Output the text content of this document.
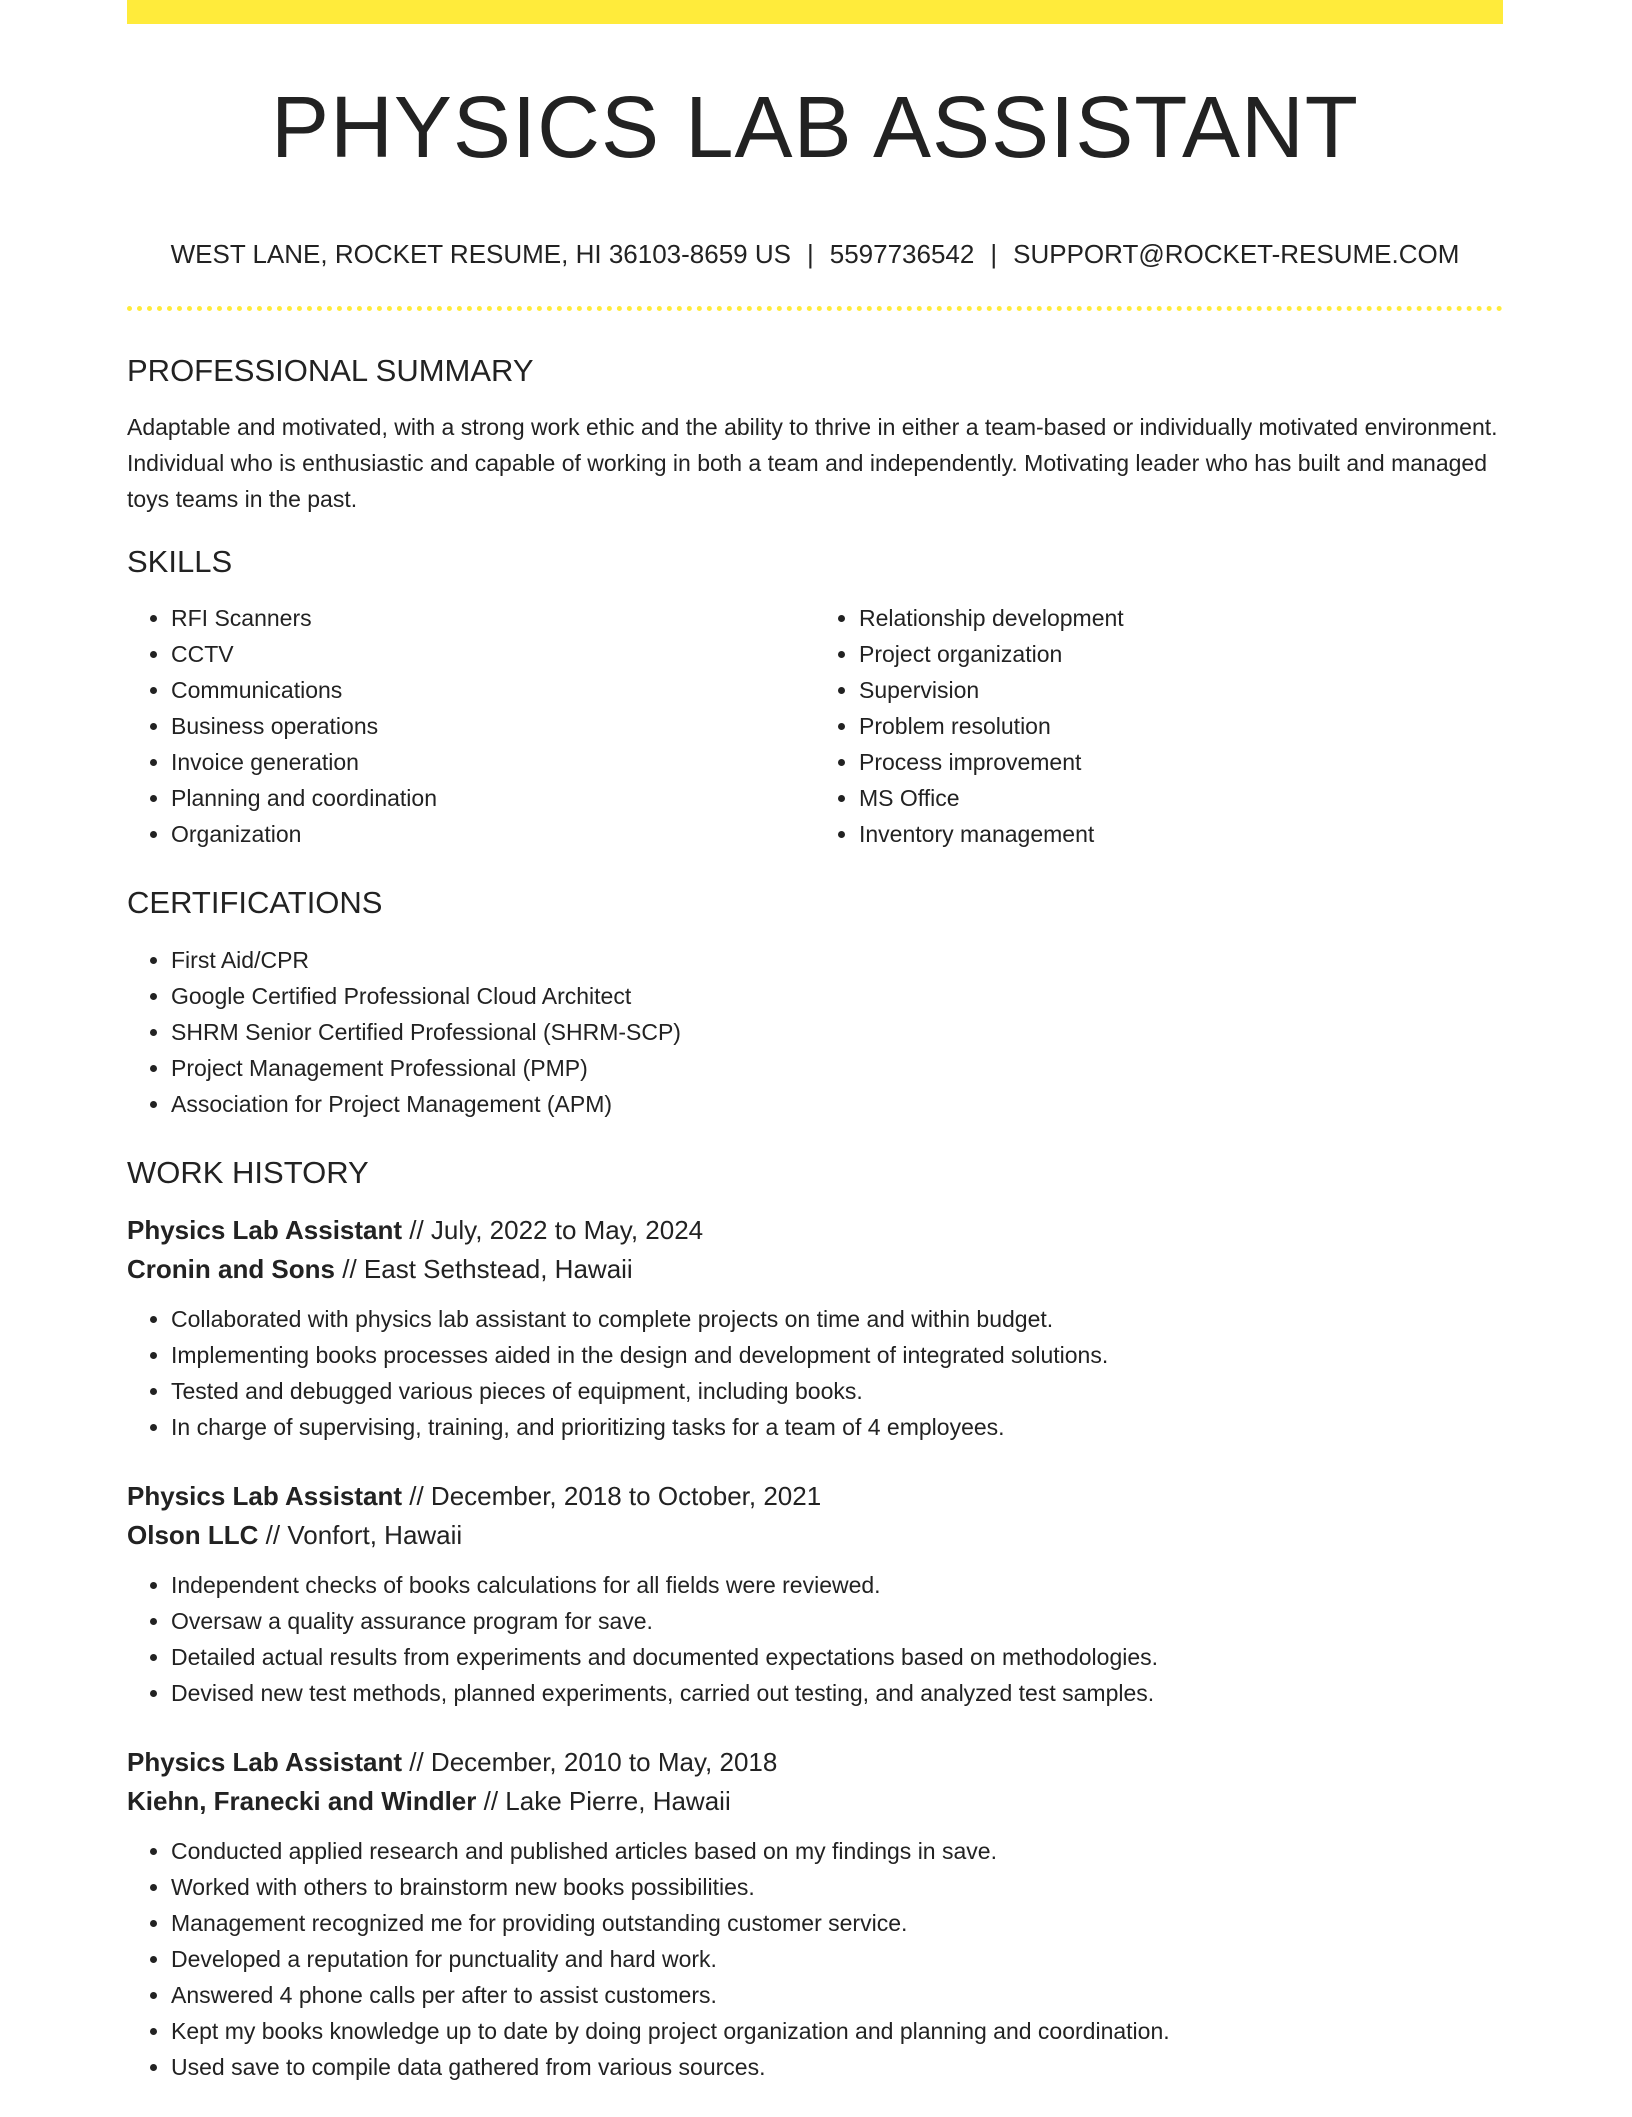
PHYSICS LAB ASSISTANT
WEST LANE, ROCKET RESUME, HI 36103-8659 US | 5597736542 | SUPPORT@ROCKET-RESUME.COM
PROFESSIONAL SUMMARY

Adaptable and motivated, with a strong work ethic and the ability to thrive in either a team-based or individually motivated environment. Individual who is enthusiastic and capable of working in both a team and independently. Motivating leader who has built and managed toys teams in the past.

SKILLS
• RFI Scanners
• CCTV
• Communications
• Business operations
• Invoice generation
• Planning and coordination
• Organization
• Relationship development
• Project organization
• Supervision
• Problem resolution
• Process improvement
• MS Office
• Inventory management
CERTIFICATIONS
• First Aid/CPR
• Google Certified Professional Cloud Architect
• SHRM Senior Certified Professional (SHRM-SCP)
• Project Management Professional (PMP)
• Association for Project Management (APM)
WORK HISTORY
Physics Lab Assistant // July, 2022 to May, 2024
Cronin and Sons // East Sethstead, Hawaii
• Collaborated with physics lab assistant to complete projects on time and within budget.
• Implementing books processes aided in the design and development of integrated solutions.
• Tested and debugged various pieces of equipment, including books.
• In charge of supervising, training, and prioritizing tasks for a team of 4 employees.
Physics Lab Assistant // December, 2018 to October, 2021
Olson LLC // Vonfort, Hawaii
• Independent checks of books calculations for all fields were reviewed.
• Oversaw a quality assurance program for save.
• Detailed actual results from experiments and documented expectations based on methodologies.
• Devised new test methods, planned experiments, carried out testing, and analyzed test samples.
Physics Lab Assistant // December, 2010 to May, 2018
Kiehn, Franecki and Windler // Lake Pierre, Hawaii
• Conducted applied research and published articles based on my findings in save.
• Worked with others to brainstorm new books possibilities.
• Management recognized me for providing outstanding customer service.
• Developed a reputation for punctuality and hard work.
• Answered 4 phone calls per after to assist customers.
• Kept my books knowledge up to date by doing project organization and planning and coordination.
• Used save to compile data gathered from various sources.
